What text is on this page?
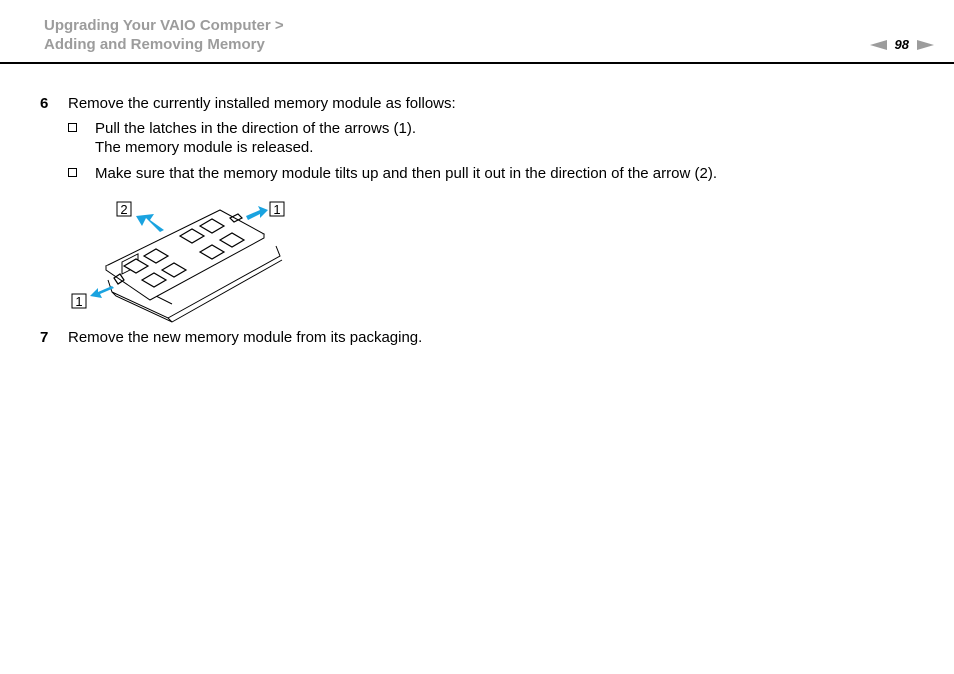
Upgrading Your VAIO Computer >
Adding and Removing Memory	98
6 Remove the currently installed memory module as follows:
Pull the latches in the direction of the arrows (1).
The memory module is released.
Make sure that the memory module tilts up and then pull it out in the direction of the arrow (2).
2	1
1
7 Remove the new memory module from its packaging.
